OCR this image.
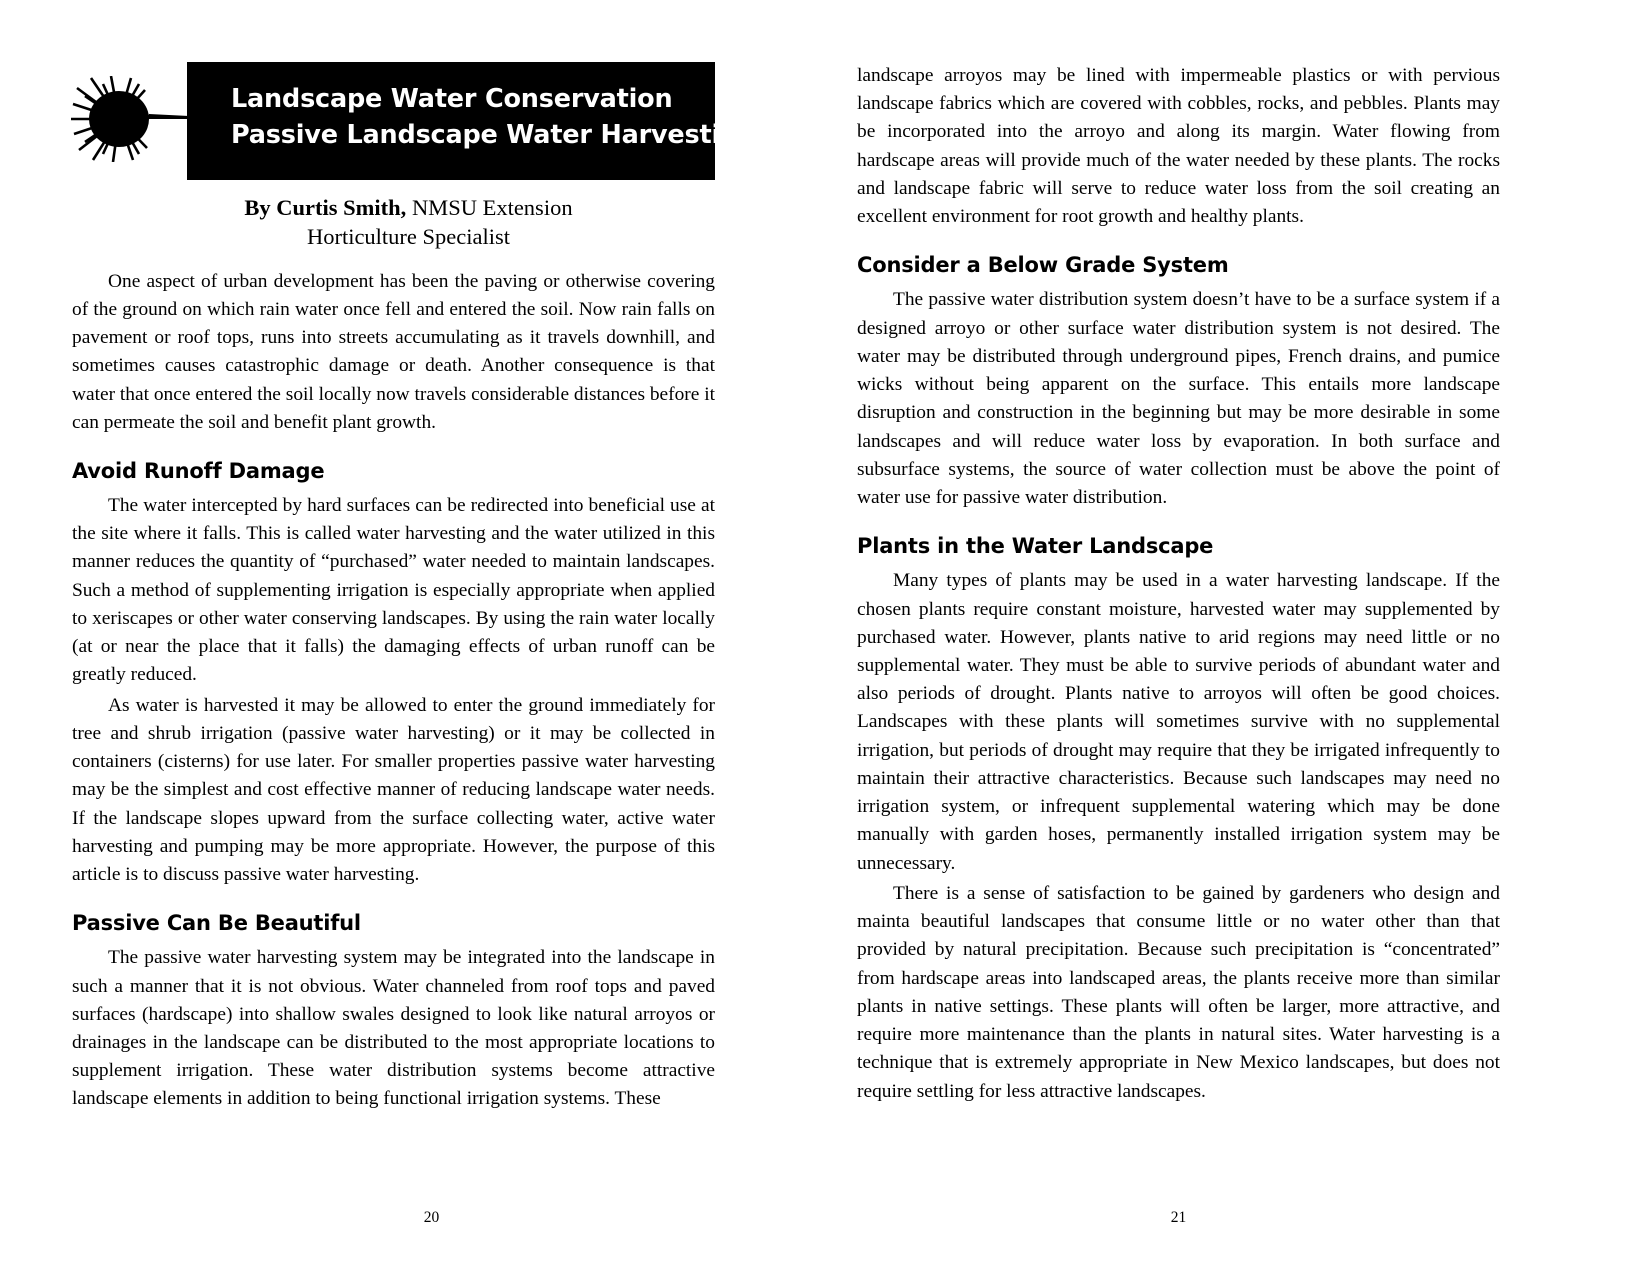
Landscape Water Conservation
Passive Landscape Water Harvesting

By Curtis Smith, NMSU Extension
Horticulture Specialist

One aspect of urban development has been the paving or otherwise covering of the ground on which rain water once fell and entered the soil. Now rain falls on pavement or roof tops, runs into streets accumulating as it travels downhill, and sometimes causes catastrophic damage or death. Another consequence is that water that once entered the soil locally now travels considerable distances before it can permeate the soil and benefit plant growth.

Avoid Runoff Damage

The water intercepted by hard surfaces can be redirected into beneficial use at the site where it falls. This is called water harvesting and the water utilized in this manner reduces the quantity of “purchased” water needed to maintain landscapes. Such a method of supplementing irrigation is especially appropriate when applied to xeriscapes or other water conserving landscapes. By using the rain water locally (at or near the place that it falls) the damaging effects of urban runoff can be greatly reduced.

As water is harvested it may be allowed to enter the ground immediately for tree and shrub irrigation (passive water harvesting) or it may be collected in containers (cisterns) for use later. For smaller properties passive water harvesting may be the simplest and cost effective manner of reducing landscape water needs. If the landscape slopes upward from the surface collecting water, active water harvesting and pumping may be more appropriate. However, the purpose of this article is to discuss passive water harvesting.

Passive Can Be Beautiful

The passive water harvesting system may be integrated into the landscape in such a manner that it is not obvious. Water channeled from roof tops and paved surfaces (hardscape) into shallow swales designed to look like natural arroyos or drainages in the landscape can be distributed to the most appropriate locations to supplement irrigation. These water distribution systems become attractive landscape elements in addition to being functional irrigation systems. These

20

landscape arroyos may be lined with impermeable plastics or with pervious landscape fabrics which are covered with cobbles, rocks, and pebbles. Plants may be incorporated into the arroyo and along its margin. Water flowing from hardscape areas will provide much of the water needed by these plants. The rocks and landscape fabric will serve to reduce water loss from the soil creating an excellent environment for root growth and healthy plants.

Consider a Below Grade System

The passive water distribution system doesn’t have to be a surface system if a designed arroyo or other surface water distribution system is not desired. The water may be distributed through underground pipes, French drains, and pumice wicks without being apparent on the surface. This entails more landscape disruption and construction in the beginning but may be more desirable in some landscapes and will reduce water loss by evaporation. In both surface and subsurface systems, the source of water collection must be above the point of water use for passive water distribution.

Plants in the Water Landscape

Many types of plants may be used in a water harvesting landscape. If the chosen plants require constant moisture, harvested water may supplemented by purchased water. However, plants native to arid regions may need little or no supplemental water. They must be able to survive periods of abundant water and also periods of drought. Plants native to arroyos will often be good choices. Landscapes with these plants will sometimes survive with no supplemental irrigation, but periods of drought may require that they be irrigated infrequently to maintain their attractive characteristics. Because such landscapes may need no irrigation system, or infrequent supplemental watering which may be done manually with garden hoses, permanently installed irrigation system may be unnecessary.

There is a sense of satisfaction to be gained by gardeners who design and mainta beautiful landscapes that consume little or no water other than that provided by natural precipitation. Because such precipitation is “concentrated” from hardscape areas into landscaped areas, the plants receive more than similar plants in native settings. These plants will often be larger, more attractive, and require more maintenance than the plants in natural sites. Water harvesting is a technique that is extremely appropriate in New Mexico landscapes, but does not require settling for less attractive landscapes.

21
